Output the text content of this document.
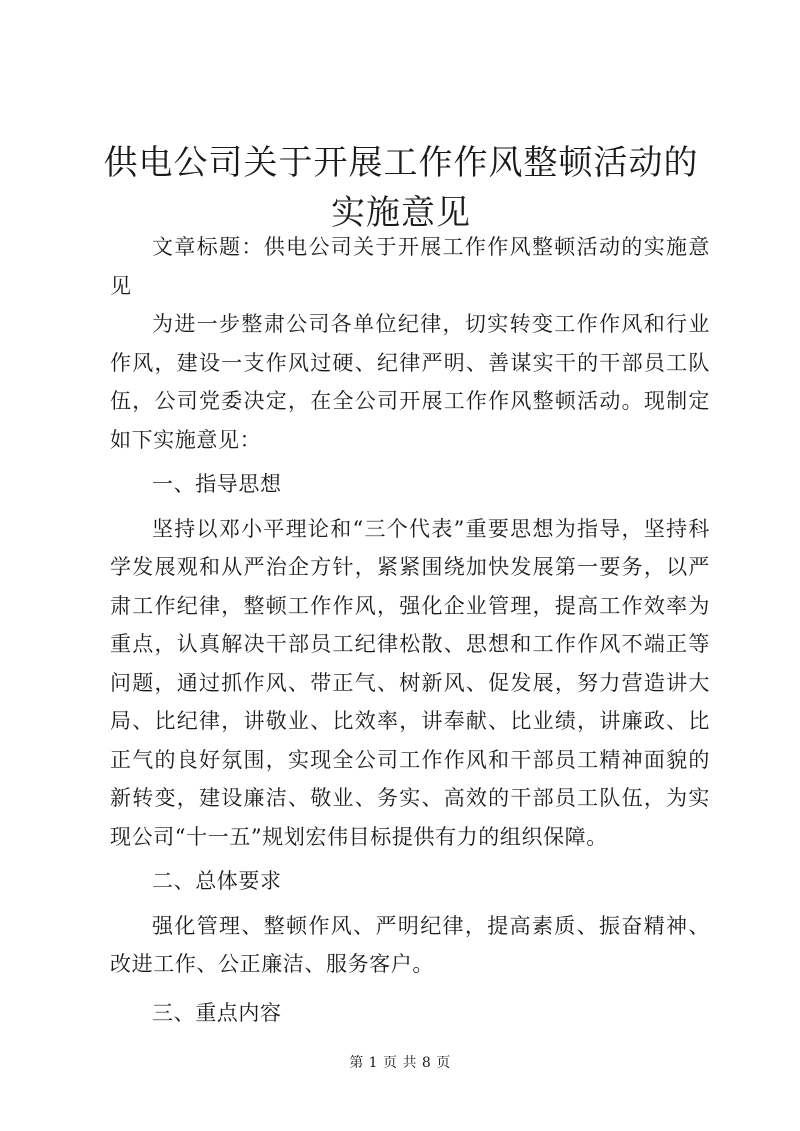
供电公司关于开展工作作风整顿活动的实施意见

文章标题：供电公司关于开展工作作风整顿活动的实施意见

为进一步整肃公司各单位纪律，切实转变工作作风和行业作风，建设一支作风过硬、纪律严明、善谋实干的干部员工队伍，公司党委决定，在全公司开展工作作风整顿活动。现制定如下实施意见：

一、指导思想

坚持以邓小平理论和“三个代表”重要思想为指导，坚持科学发展观和从严治企方针，紧紧围绕加快发展第一要务，以严肃工作纪律，整顿工作作风，强化企业管理，提高工作效率为重点，认真解决干部员工纪律松散、思想和工作作风不端正等问题，通过抓作风、带正气、树新风、促发展，努力营造讲大局、比纪律，讲敬业、比效率，讲奉献、比业绩，讲廉政、比正气的良好氛围，实现全公司工作作风和干部员工精神面貌的新转变，建设廉洁、敬业、务实、高效的干部员工队伍，为实现公司“十一五”规划宏伟目标提供有力的组织保障。

二、总体要求

强化管理、整顿作风、严明纪律，提高素质、振奋精神、改进工作、公正廉洁、服务客户。

三、重点内容

第 1 页 共 8 页
